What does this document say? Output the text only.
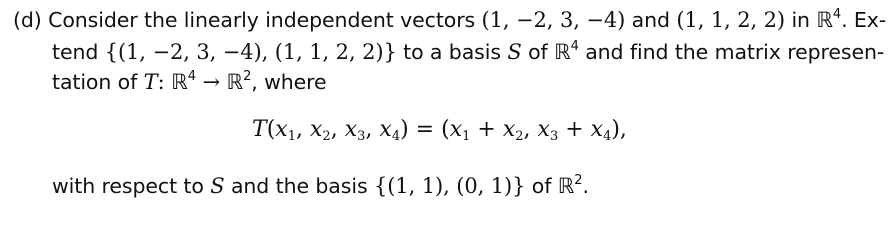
(d) Consider the linearly independent vectors (1, −2, 3, −4) and (1, 1, 2, 2) in ℝ$^4$. Ex-
tend {(1, −2, 3, −4), (1, 1, 2, 2)} to a basis S of ℝ$^4$ and find the matrix represen-
tation of T: ℝ$^4$ → ℝ$^2$, where
$T(x_1$, $x_2$, $x_3$, $x_4) = (x_1 + x_2$, $x_3 + x_4$),
with respect to S and the basis {(1, 1), (0, 1)} of ℝ$^2$.
